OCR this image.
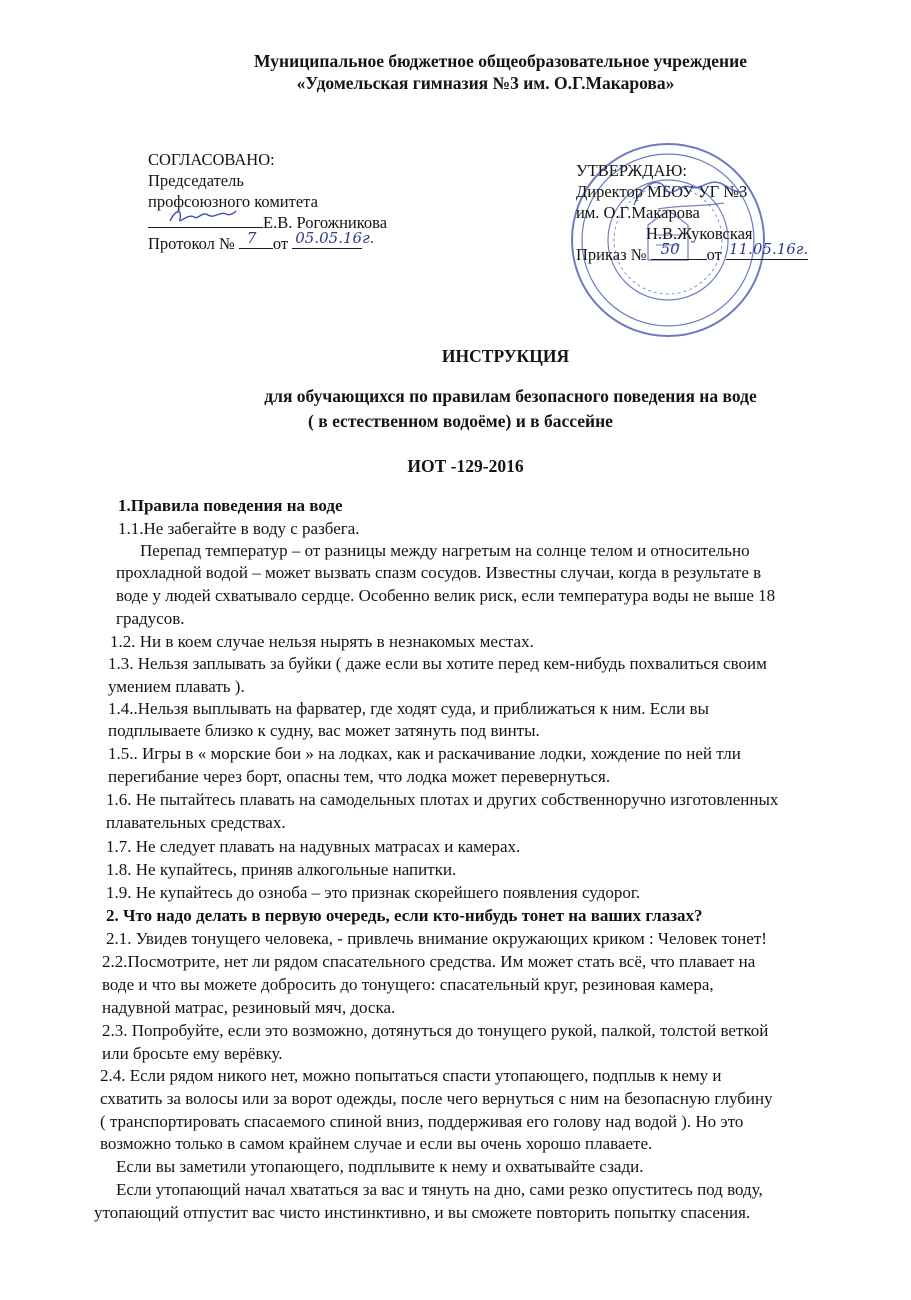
Муниципальное бюджетное общеобразовательное учреждение
«Удомельская гимназия №3 им. О.Г.Макарова»
СОГЛАСОВАНО:
Председатель
профсоюзного комитета
Е.В. Рогожникова
Протокол № 7 от 05.05.16г.
УТВЕРЖДАЮ:
Директор МБОУ УГ №3
им. О.Г.Макарова
Н.В.Жуковская
Приказ № 50 от 11.05.16г.
ИНСТРУКЦИЯ
для обучающихся по правилам безопасного поведения на воде
( в естественном водоёме) и в бассейне
ИОТ -129-2016
1.Правила поведения на воде
1.1.Не забегайте в воду с разбега.
Перепад температур – от разницы между нагретым на солнце телом и относительно
прохладной водой – может вызвать спазм сосудов. Известны случаи, когда в результате в
воде у людей схватывало сердце. Особенно велик риск, если температура воды не выше 18
градусов.
1.2. Ни в коем случае нельзя нырять в незнакомых местах.
1.3. Нельзя заплывать за буйки ( даже если вы хотите перед кем-нибудь похвалиться своим
умением плавать ).
1.4..Нельзя выплывать на фарватер, где ходят суда, и приближаться к ним. Если вы
подплываете близко к судну, вас может затянуть под винты.
1.5.. Игры в « морские бои » на лодках, как и раскачивание лодки, хождение по ней тли
перегибание через борт, опасны тем, что лодка может перевернуться.
1.6. Не пытайтесь плавать на самодельных плотах и других собственноручно изготовленных
плавательных средствах.
1.7. Не следует плавать на надувных матрасах и камерах.
1.8. Не купайтесь, приняв алкогольные напитки.
1.9. Не купайтесь до озноба – это признак скорейшего появления судорог.
2. Что надо делать в первую очередь, если кто-нибудь тонет на ваших глазах?
2.1. Увидев тонущего человека, - привлечь внимание окружающих криком : Человек тонет!
2.2.Посмотрите, нет ли рядом спасательного средства. Им может стать всё, что плавает на
воде и что вы можете добросить до тонущего: спасательный круг, резиновая камера,
надувной матрас, резиновый мяч, доска.
2.3. Попробуйте, если это возможно, дотянуться до тонущего рукой, палкой, толстой веткой
или бросьте ему верёвку.
2.4. Если рядом никого нет, можно попытаться спасти утопающего, подплыв к нему и
схватить за волосы или за ворот одежды, после чего вернуться с ним на безопасную глубину
( транспортировать спасаемого спиной вниз, поддерживая его голову над водой ). Но это
возможно только в самом крайнем случае и если вы очень хорошо плаваете.
Если вы заметили утопающего, подплывите к нему и охватывайте сзади.
Если утопающий начал хвататься за вас и тянуть на дно, сами резко опуститесь под воду,
утопающий отпустит вас чисто инстинктивно, и вы сможете повторить попытку спасения.
